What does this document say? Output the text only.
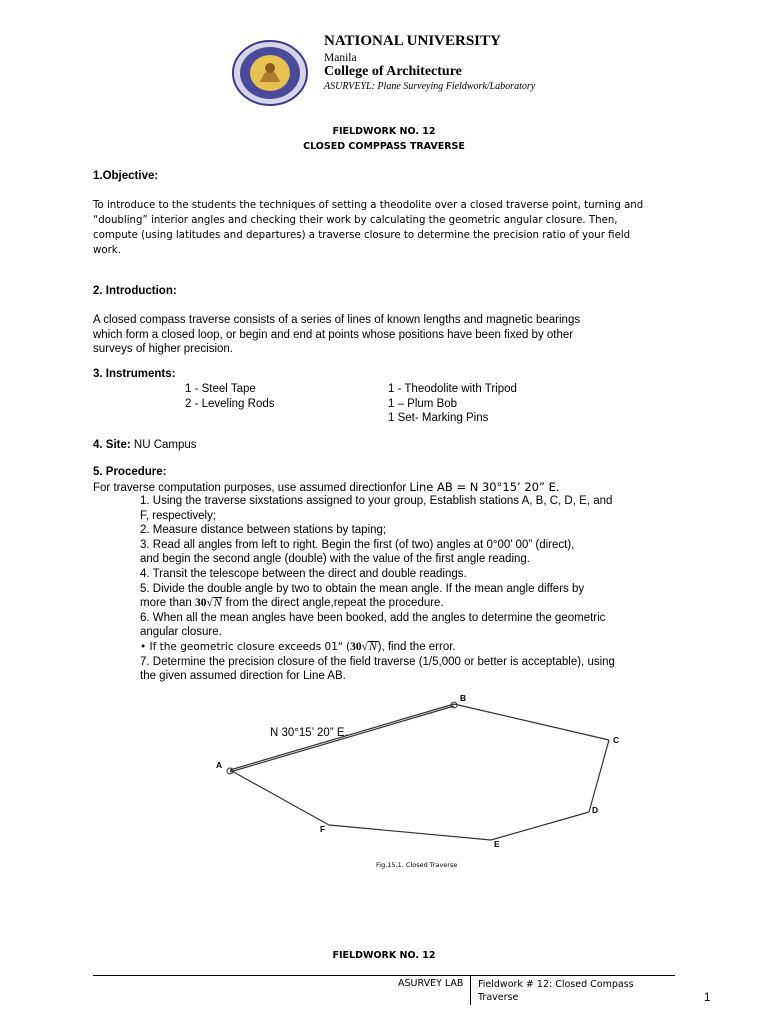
NATIONAL UNIVERSITY
Manila
College of Architecture
ASURVEYL: Plane Surveying Fieldwork/Laboratory
FIELDWORK NO. 12
CLOSED COMPPASS TRAVERSE
1.Objective:
To introduce to the students the techniques of setting a theodolite over a closed traverse point, turning and
“doubling” interior angles and checking their work by calculating the geometric angular closure. Then,
compute (using latitudes and departures) a traverse closure to determine the precision ratio of your field
work.
2. Introduction:
A closed compass traverse consists of a series of lines of known lengths and magnetic bearings
which form a closed loop, or begin and end at points whose positions have been fixed by other
surveys of higher precision.
3. Instruments:
1 - Steel Tape
2 - Leveling Rods
1 - Theodolite with Tripod
1 – Plum Bob
1 Set- Marking Pins
4. Site: NU Campus
5. Procedure:
For traverse computation purposes, use assumed directionfor Line AB = N 30°15’ 20” E.
1. Using the traverse sixstations assigned to your group, Establish stations A, B, C, D, E, and
F, respectively;
2. Measure distance between stations by taping;
3. Read all angles from left to right. Begin the first (of two) angles at 0°00’ 00” (direct),
and begin the second angle (double) with the value of the first angle reading.
4. Transit the telescope between the direct and double readings.
5. Divide the double angle by two to obtain the mean angle. If the mean angle differs by
more than 30√N from the direct angle,repeat the procedure.
6. When all the mean angles have been booked, add the angles to determine the geometric
angular closure.
• If the geometric closure exceeds 01" (30√N), find the error.
7. Determine the precision closure of the field traverse (1/5,000 or better is acceptable), using
the given assumed direction for Line AB.
N 30°15’ 20” E.
A
B
C
D
E
F
Fig.15.1. Closed Traverse
FIELDWORK NO. 12
ASURVEY LAB Fieldwork # 12: Closed Compass
Traverse	1
